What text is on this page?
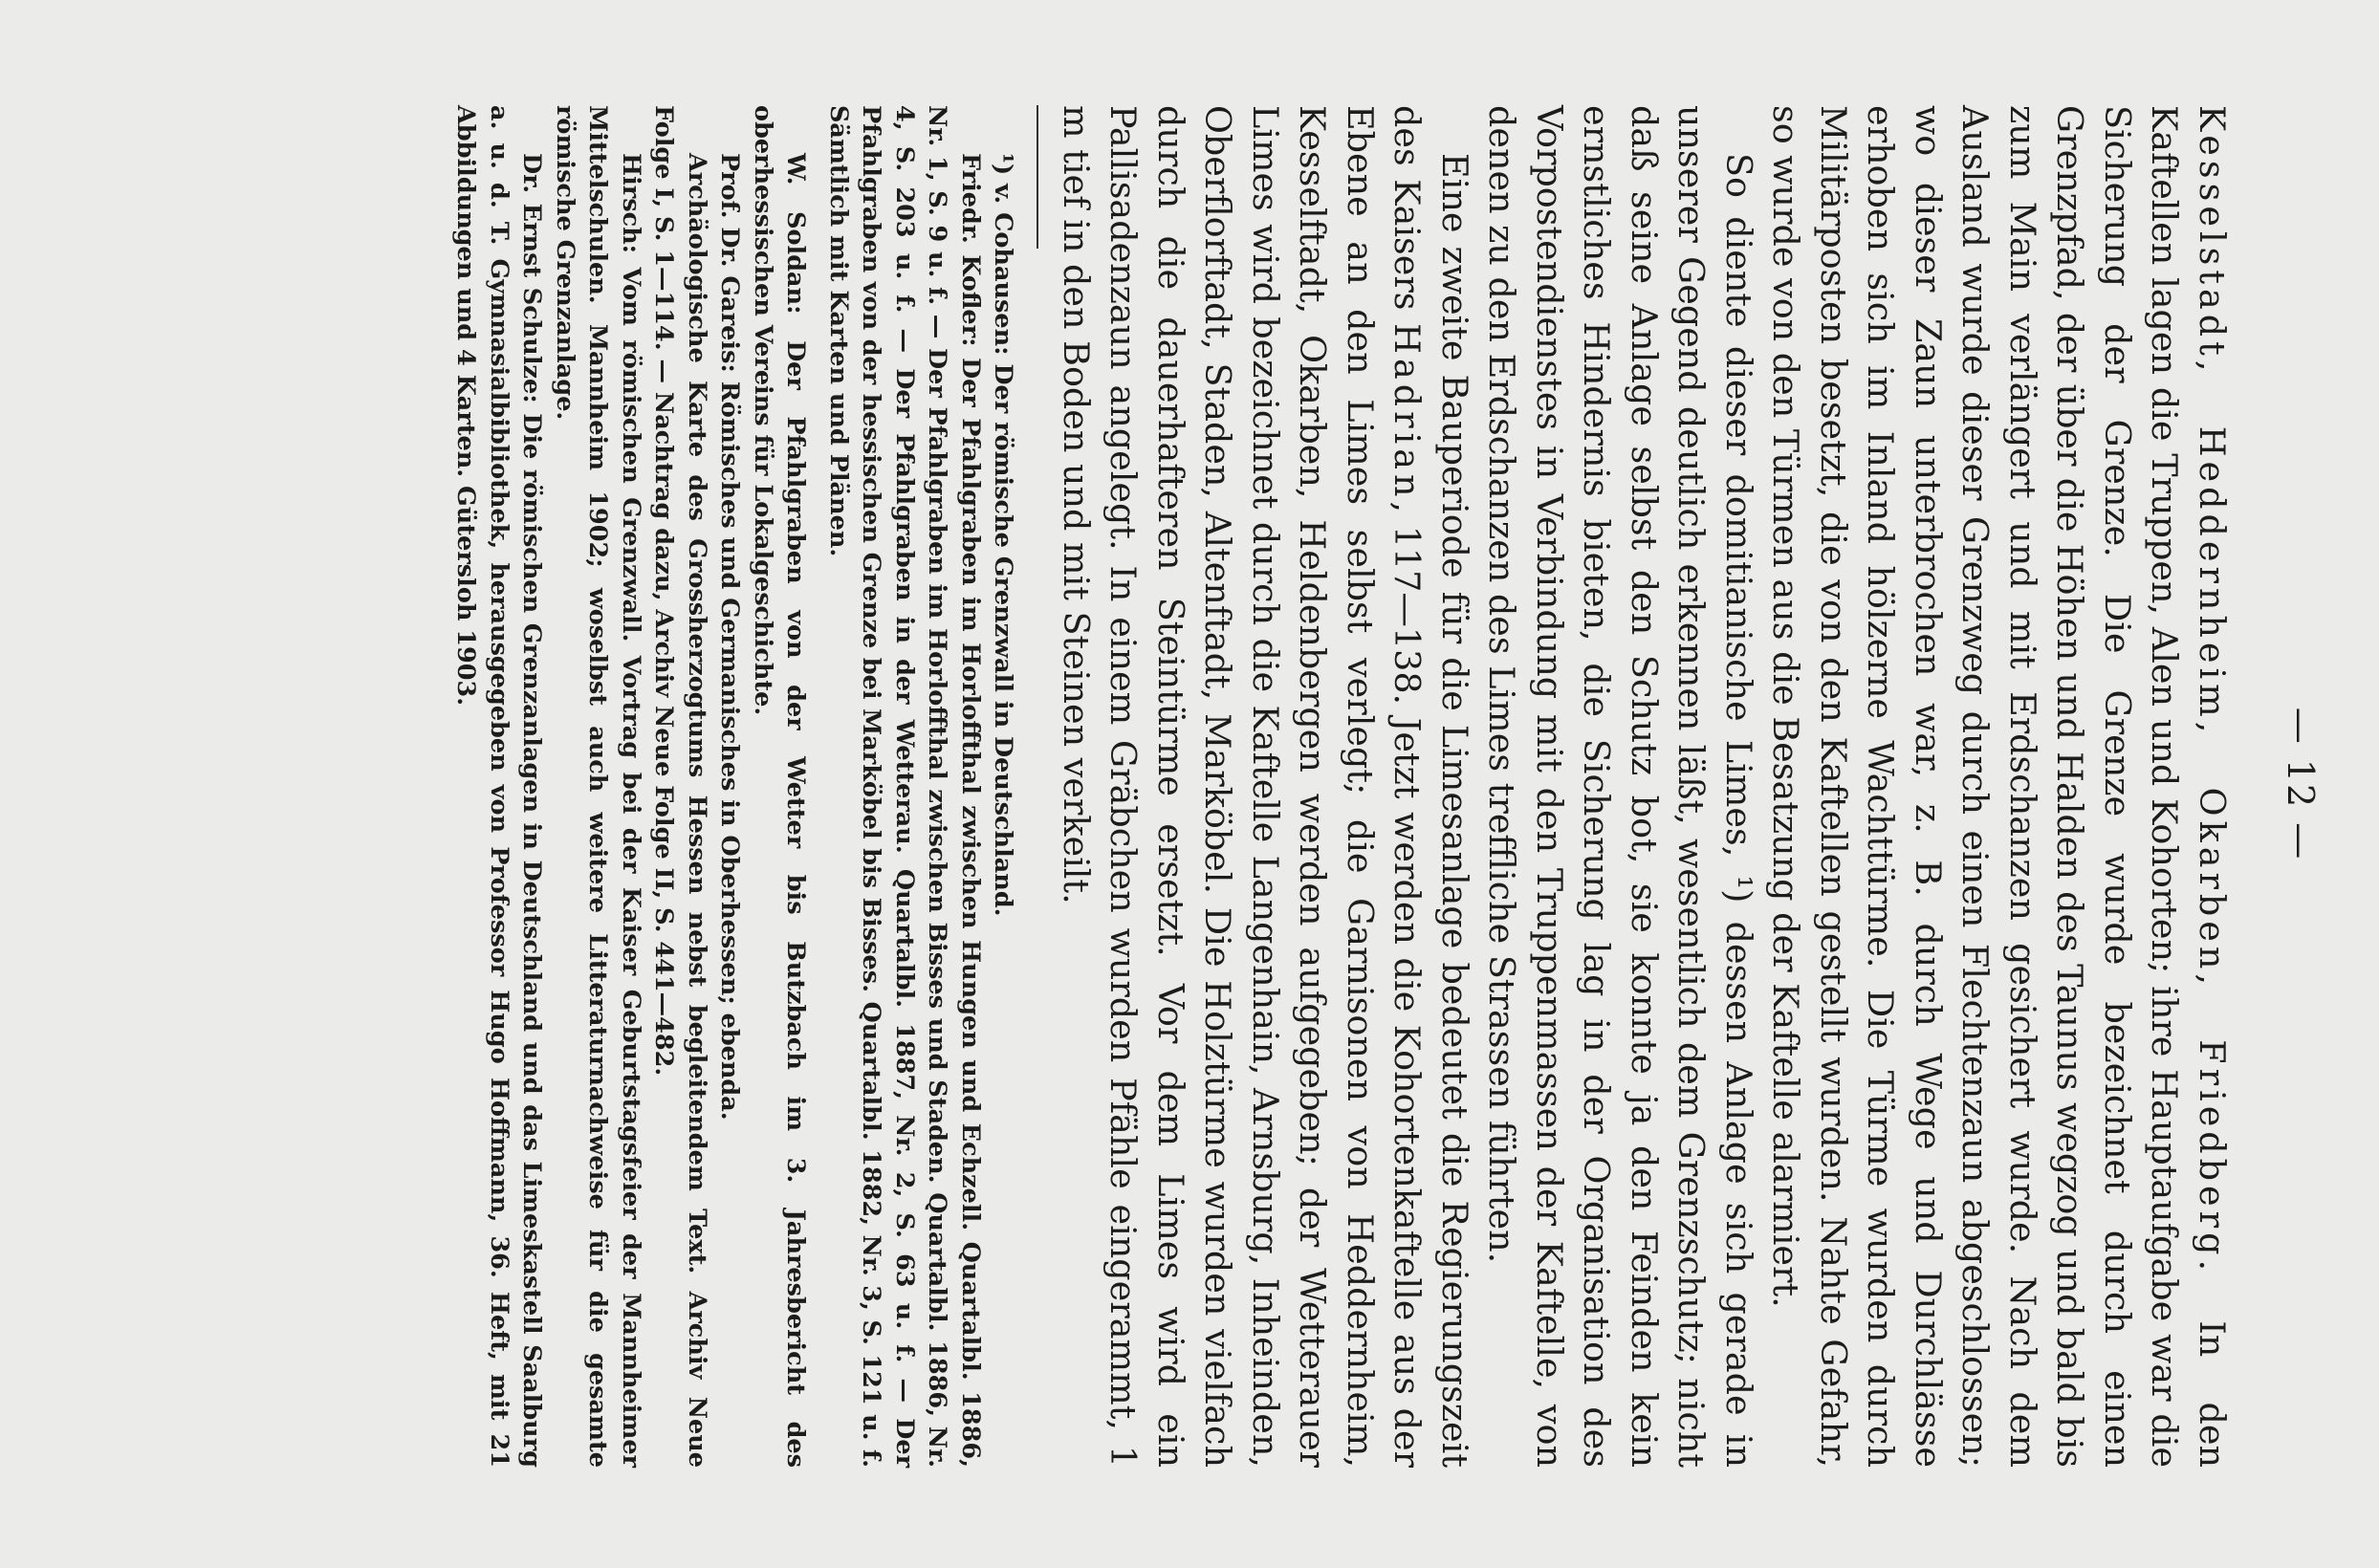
— 12 —

Kesselstadt, Heddernheim, Okarben, Friedberg. In den Kaftellen lagen die Truppen, Alen und Kohorten; ihre Hauptaufgabe war die Sicherung der Grenze. Die Grenze wurde bezeichnet durch einen Grenzpfad, der über die Höhen und Halden des Taunus wegzog und bald bis zum Main verlängert und mit Erdschanzen gesichert wurde. Nach dem Ausland wurde dieser Grenzweg durch einen Flechtenzaun abgeschlossen; wo dieser Zaun unterbrochen war, z. B. durch Wege und Durchlässe erhoben sich im Inland hölzerne Wachttürme. Die Türme wurden durch Militärposten besetzt, die von den Kaftellen gestellt wurden. Nahte Gefahr, so wurde von den Türmen aus die Besatzung der Kaftelle alarmiert.

So diente dieser domitianische Limes, ¹) dessen Anlage sich gerade in unserer Gegend deutlich erkennen läßt, wesentlich dem Grenzschutz; nicht daß seine Anlage selbst den Schutz bot, sie konnte ja den Feinden kein ernstliches Hindernis bieten, die Sicherung lag in der Organisation des Vorpostendienstes in Verbindung mit den Truppenmassen der Kaftelle, von denen zu den Erdschanzen des Limes treffliche Strassen führten.

Eine zweite Bauperiode für die Limesanlage bedeutet die Regierungszeit des Kaisers Hadrian, 117—138. Jetzt werden die Kohortenkaftelle aus der Ebene an den Limes selbst verlegt; die Garnisonen von Heddernheim, Kesselftadt, Okarben, Heldenbergen werden aufgegeben; der Wetterauer Limes wird bezeichnet durch die Kaftelle Langenhain, Arnsburg, Inheinden, Oberflorftadt, Staden, Altenftadt, Marköbel. Die Holztürme wurden vielfach durch die dauerhafteren Steintürme ersetzt. Vor dem Limes wird ein Pallisadenzaun angelegt. In einem Gräbchen wurden Pfähle eingerammt, 1 m tief in den Boden und mit Steinen verkeilt.

¹) v. Cohausen: Der römische Grenzwall in Deutschland.

Friedr. Kofler: Der Pfahlgraben im Horloffthal zwischen Hungen und Echzell. Quartalbl. 1886, Nr. 1, S. 9 u. f. — Der Pfahlgraben im Horloffthal zwischen Bisses und Staden. Quartalbl. 1886, Nr. 4, S. 203 u. f. — Der Pfahlgraben in der Wetterau. Quartalbl. 1887, Nr. 2, S. 63 u. f. — Der Pfahlgraben von der hessischen Grenze bei Marköbel bis Bisses. Quartalbl. 1882, Nr. 3, S. 121 u. f. Sämtlich mit Karten und Plänen.

W. Soldan: Der Pfahlgraben von der Wetter bis Butzbach im 3. Jahresbericht des oberhessischen Vereins für Lokalgeschichte.

Prof. Dr. Gareis: Römisches und Germanisches in Oberhessen; ebenda.

Archäologische Karte des Grossherzogtums Hessen nebst begleitendem Text. Archiv Neue Folge I, S. 1—114. — Nachtrag dazu, Archiv Neue Folge II, S. 441—482.

Hirsch: Vom römischen Grenzwall. Vortrag bei der Kaiser Geburtstagsfeier der Mannheimer Mittelschulen. Mannheim 1902; woselbst auch weitere Litteraturnachweise für die gesamte römische Grenzanlage.

Dr. Ernst Schulze: Die römischen Grenzanlagen in Deutschland und das Limeskastell Saalburg a. u. d. T. Gymnasialbibliothek, herausgegeben von Professor Hugo Hoffmann, 36. Heft, mit 21 Abbildungen und 4 Karten. Gütersloh 1903.
